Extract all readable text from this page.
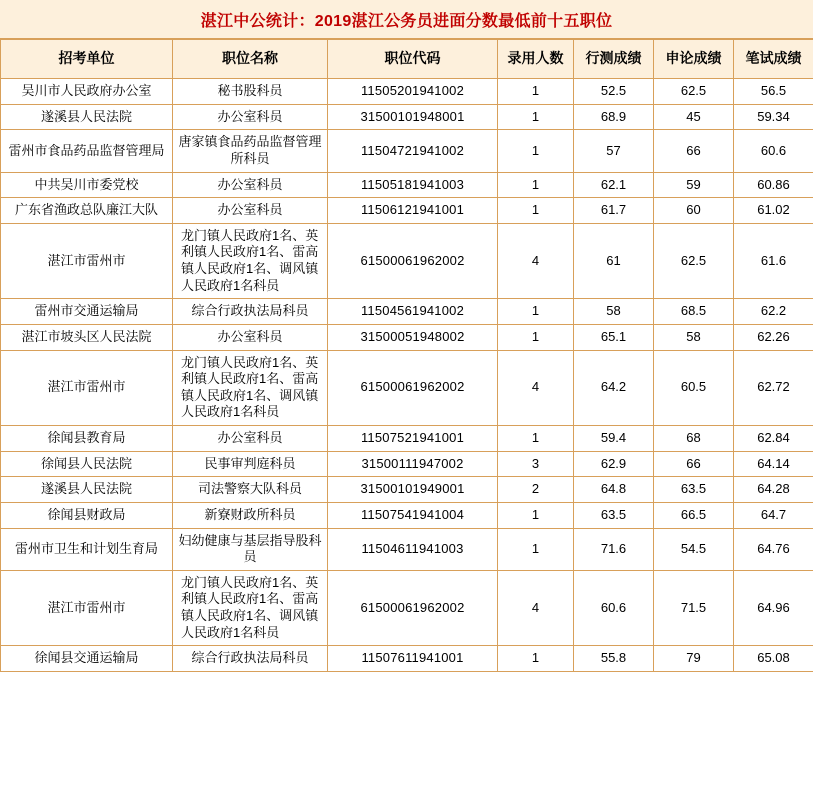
湛江中公统计：2019湛江公务员进面分数最低前十五职位
招考单位	职位名称	职位代码	录用人数	行测成绩	申论成绩	笔试成绩
吴川市人民政府办公室	秘书股科员	11505201941002	1	52.5	62.5	56.5
遂溪县人民法院	办公室科员	31500101948001	1	68.9	45	59.34
雷州市食品药品监督管理局	唐家镇食品药品监督管理所科员	11504721941002	1	57	66	60.6
中共吴川市委党校	办公室科员	11505181941003	1	62.1	59	60.86
广东省渔政总队廉江大队	办公室科员	11506121941001	1	61.7	60	61.02
湛江市雷州市	龙门镇人民政府1名、英利镇人民政府1名、雷高镇人民政府1名、调风镇人民政府1名科员	61500061962002	4	61	62.5	61.6
雷州市交通运输局	综合行政执法局科员	11504561941002	1	58	68.5	62.2
湛江市坡头区人民法院	办公室科员	31500051948002	1	65.1	58	62.26
湛江市雷州市	龙门镇人民政府1名、英利镇人民政府1名、雷高镇人民政府1名、调风镇人民政府1名科员	61500061962002	4	64.2	60.5	62.72
徐闻县教育局	办公室科员	11507521941001	1	59.4	68	62.84
徐闻县人民法院	民事审判庭科员	31500111947002	3	62.9	66	64.14
遂溪县人民法院	司法警察大队科员	31500101949001	2	64.8	63.5	64.28
徐闻县财政局	新寮财政所科员	11507541941004	1	63.5	66.5	64.7
雷州市卫生和计划生育局	妇幼健康与基层指导股科员	11504611941003	1	71.6	54.5	64.76
湛江市雷州市	龙门镇人民政府1名、英利镇人民政府1名、雷高镇人民政府1名、调风镇人民政府1名科员	61500061962002	4	60.6	71.5	64.96
徐闻县交通运输局	综合行政执法局科员	11507611941001	1	55.8	79	65.08
